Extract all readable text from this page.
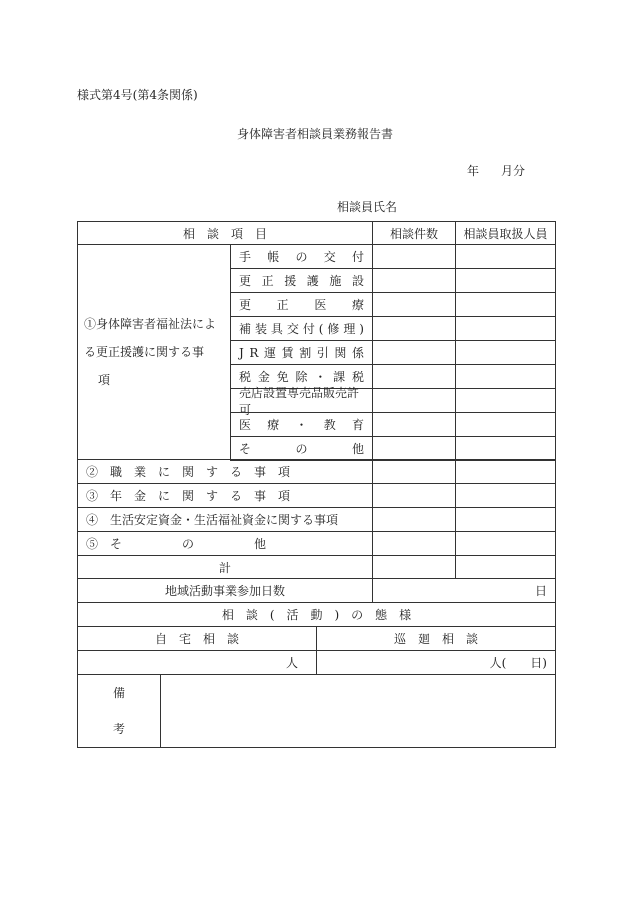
様式第4号(第4条関係)
身体障害者相談員業務報告書
年 月分
相談員氏名
相　談　項　目	相談件数	相談員取扱人員
①身体障害者福祉法によ
る更正援護に関する事
項
手 帳 の 交 付
更 正 援 護 施 設
更 正 医 療
補 装 具 交 付 ( 修 理 )
J R 運 賃 割 引 関 係
税 金 免 除 ・ 課 税
売店設置専売品販売許可
医 療 ・ 教 育
そ	の	他
②　職　業　に　関　す　る　事　項
③　年　金　に　関　す　る　事　項
④　生活安定資金・生活福祉資金に関する事項
⑤　そ　　　　　の　　　　　他
計
地域活動事業参加日数	日
相　談　(　活　動　)　の　態　様
自　宅　相　談	巡　廻　相　談
人	人(　　日)
備
考
